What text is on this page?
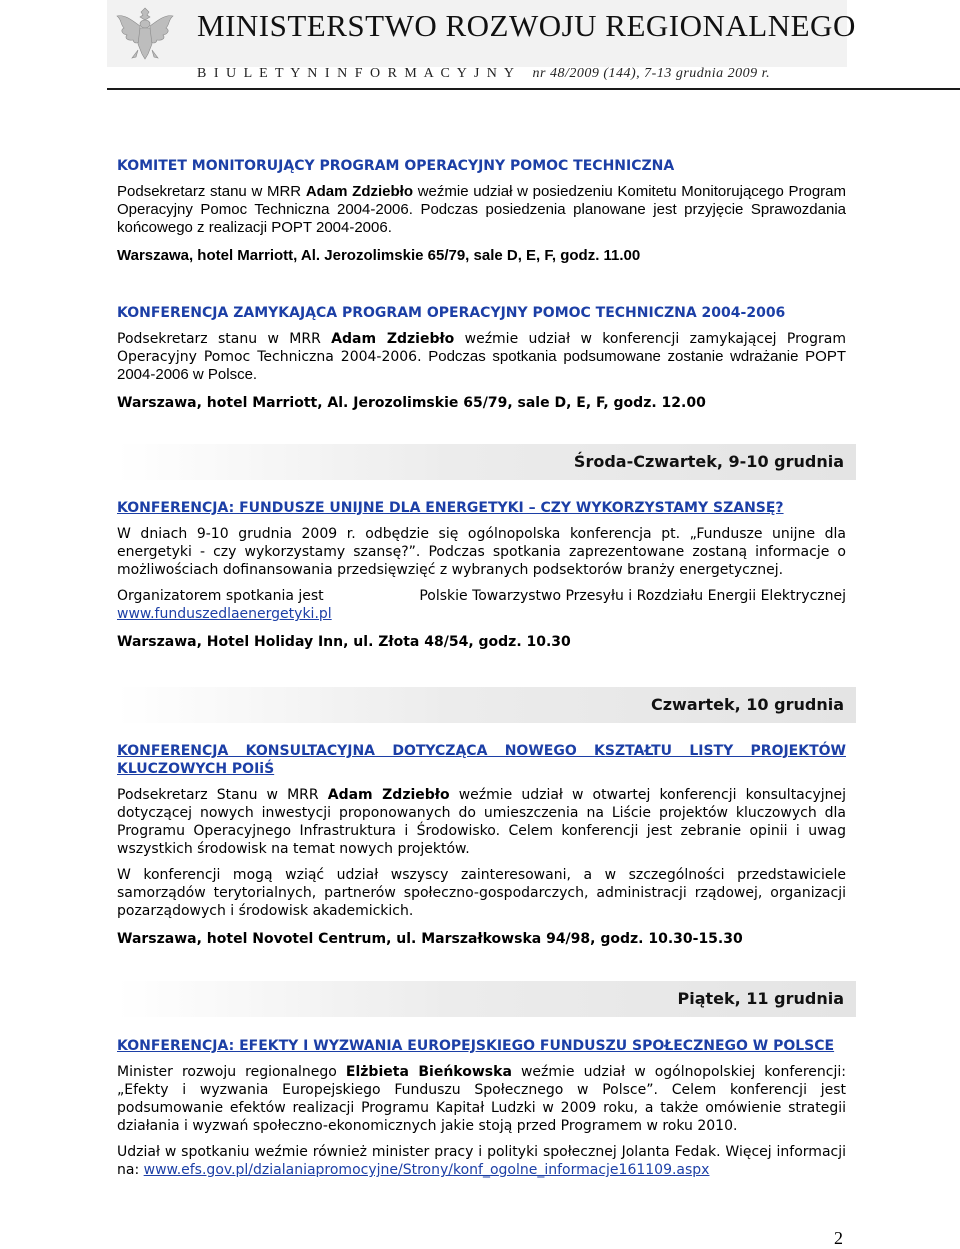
MINISTERSTWO ROZWOJU REGIONALNEGO
B I U L E T Y N I N F O R M A C Y J N Y nr 48/2009 (144), 7-13 grudnia 2009 r.
KOMITET MONITORUJĄCY PROGRAM OPERACYJNY POMOC TECHNICZNA
Podsekretarz stanu w MRR Adam Zdziebło weźmie udział w posiedzeniu Komitetu Monitorującego Program Operacyjny Pomoc Techniczna 2004-2006. Podczas posiedzenia planowane jest przyjęcie Sprawozdania końcowego z realizacji POPT 2004-2006.
Warszawa, hotel Marriott, Al. Jerozolimskie 65/79, sale D, E, F, godz. 11.00
KONFERENCJA ZAMYKAJĄCA PROGRAM OPERACYJNY POMOC TECHNICZNA 2004-2006
Podsekretarz stanu w MRR Adam Zdziebło weźmie udział w konferencji zamykającej Program Operacyjny Pomoc Techniczna 2004-2006. Podczas spotkania podsumowane zostanie wdrażanie POPT 2004-2006 w Polsce.
Warszawa, hotel Marriott, Al. Jerozolimskie 65/79, sale D, E, F, godz. 12.00
Środa-Czwartek, 9-10 grudnia
KONFERENCJA: FUNDUSZE UNIJNE DLA ENERGETYKI – CZY WYKORZYSTAMY SZANSĘ?
W dniach 9-10 grudnia 2009 r. odbędzie się ogólnopolska konferencja pt. „Fundusze unijne dla energetyki - czy wykorzystamy szansę?”. Podczas spotkania zaprezentowane zostaną informacje o możliwościach dofinansowania przedsięwzięć z wybranych podsektorów branży energetycznej.
Organizatorem spotkania jest	Polskie Towarzystwo Przesyłu i Rozdziału Energii Elektrycznej
www.funduszedlaenergetyki.pl
Warszawa, Hotel Holiday Inn, ul. Złota 48/54, godz. 10.30
Czwartek, 10 grudnia
KONFERENCJA KONSULTACYJNA DOTYCZĄCA NOWEGO KSZTAŁTU LISTY PROJEKTÓW KLUCZOWYCH POIiŚ
Podsekretarz Stanu w MRR Adam Zdziebło weźmie udział w otwartej konferencji konsultacyjnej dotyczącej nowych inwestycji proponowanych do umieszczenia na Liście projektów kluczowych dla Programu Operacyjnego Infrastruktura i Środowisko. Celem konferencji jest zebranie opinii i uwag wszystkich środowisk na temat nowych projektów.
W konferencji mogą wziąć udział wszyscy zainteresowani, a w szczególności przedstawiciele samorządów terytorialnych, partnerów społeczno-gospodarczych, administracji rządowej, organizacji pozarządowych i środowisk akademickich.
Warszawa, hotel Novotel Centrum, ul. Marszałkowska 94/98, godz. 10.30-15.30
Piątek, 11 grudnia
KONFERENCJA: EFEKTY I WYZWANIA EUROPEJSKIEGO FUNDUSZU SPOŁECZNEGO W POLSCE
Minister rozwoju regionalnego Elżbieta Bieńkowska weźmie udział w ogólnopolskiej konferencji: „Efekty i wyzwania Europejskiego Funduszu Społecznego w Polsce”. Celem konferencji jest podsumowanie efektów realizacji Programu Kapitał Ludzki w 2009 roku, a także omówienie strategii działania i wyzwań społeczno-ekonomicznych jakie stoją przed Programem w roku 2010.
Udział w spotkaniu weźmie również minister pracy i polityki społecznej Jolanta Fedak. Więcej informacji na: www.efs.gov.pl/dzialaniapromocyjne/Strony/konf_ogolne_informacje161109.aspx
2
